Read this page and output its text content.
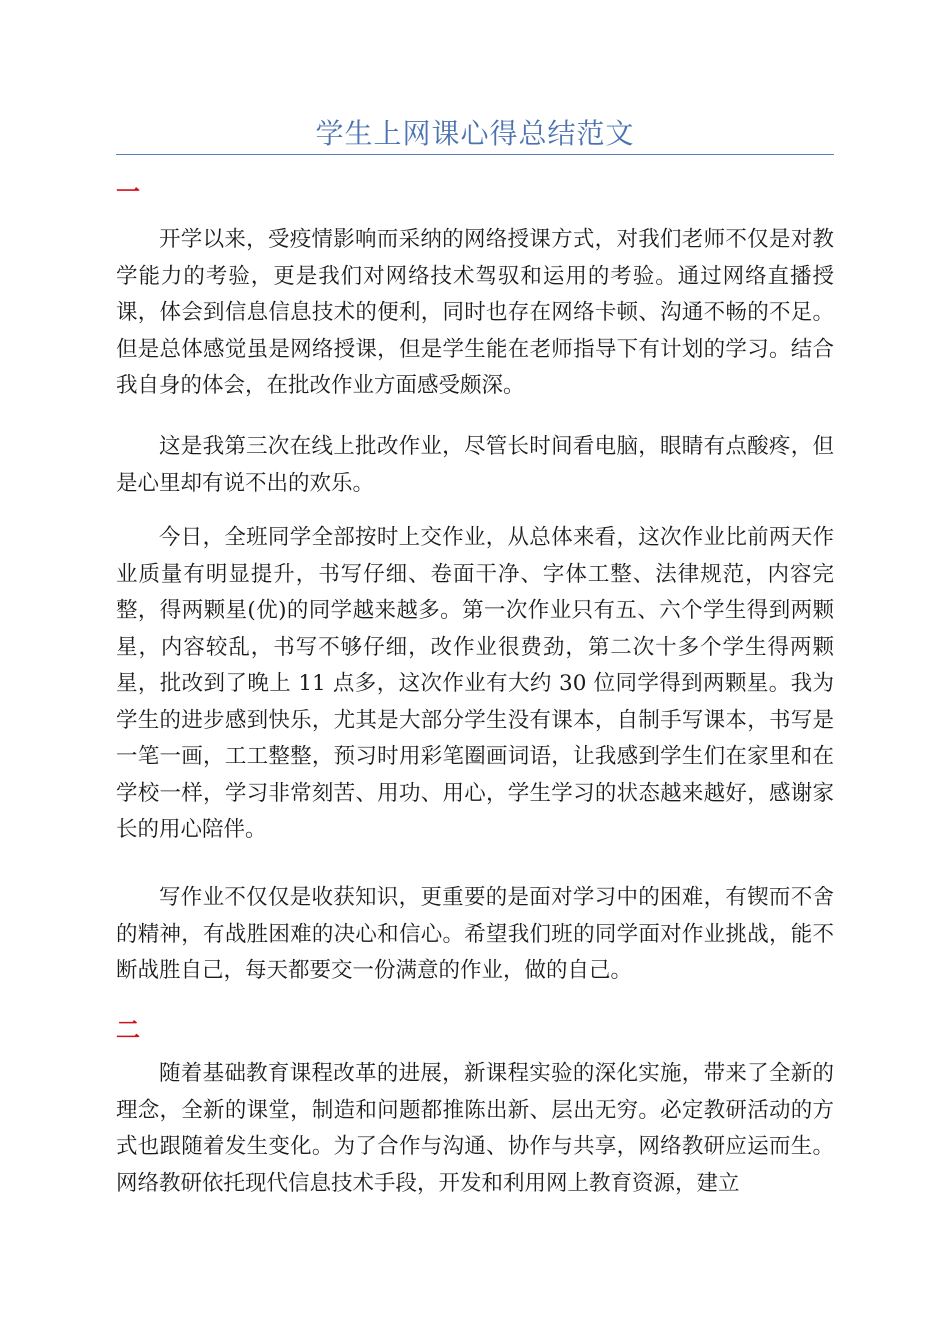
学生上网课心得总结范文
一

开学以来，受疫情影响而采纳的网络授课方式，对我们老师不仅是对教学能力的考验，更是我们对网络技术驾驭和运用的考验。通过网络直播授课，体会到信息信息技术的便利，同时也存在网络卡顿、沟通不畅的不足。但是总体感觉虽是网络授课，但是学生能在老师指导下有计划的学习。结合我自身的体会，在批改作业方面感受颇深。

这是我第三次在线上批改作业，尽管长时间看电脑，眼睛有点酸疼，但是心里却有说不出的欢乐。

今日，全班同学全部按时上交作业，从总体来看，这次作业比前两天作业质量有明显提升，书写仔细、卷面干净、字体工整、法律规范，内容完整，得两颗星(优)的同学越来越多。第一次作业只有五、六个学生得到两颗星，内容较乱，书写不够仔细，改作业很费劲，第二次十多个学生得两颗星，批改到了晚上 11 点多，这次作业有大约 30 位同学得到两颗星。我为学生的进步感到快乐，尤其是大部分学生没有课本，自制手写课本，书写是一笔一画，工工整整，预习时用彩笔圈画词语，让我感到学生们在家里和在学校一样，学习非常刻苦、用功、用心，学生学习的状态越来越好，感谢家长的用心陪伴。

写作业不仅仅是收获知识，更重要的是面对学习中的困难，有锲而不舍的精神，有战胜困难的决心和信心。希望我们班的同学面对作业挑战，能不断战胜自己，每天都要交一份满意的作业，做的自己。

二

随着基础教育课程改革的进展，新课程实验的深化实施，带来了全新的理念，全新的课堂，制造和问题都推陈出新、层出无穷。必定教研活动的方式也跟随着发生变化。为了合作与沟通、协作与共享，网络教研应运而生。网络教研依托现代信息技术手段，开发和利用网上教育资源，建立
